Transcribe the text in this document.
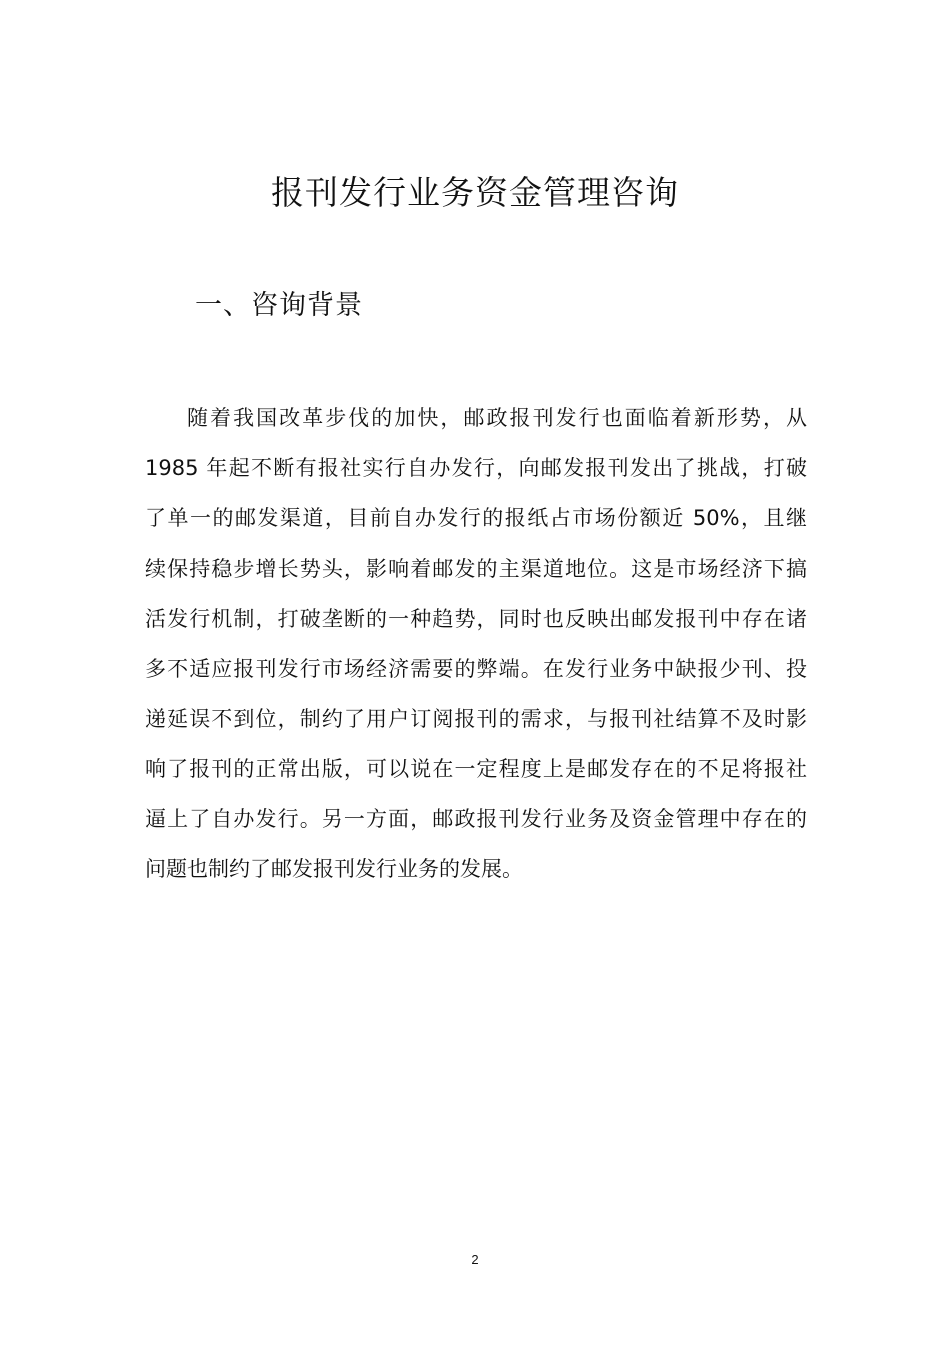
报刊发行业务资金管理咨询
一、咨询背景
随着我国改革步伐的加快，邮政报刊发行也面临着新形势，从
1985 年起不断有报社实行自办发行，向邮发报刊发出了挑战，打破
了单一的邮发渠道，目前自办发行的报纸占市场份额近 50%，且继
续保持稳步增长势头，影响着邮发的主渠道地位。这是市场经济下搞
活发行机制，打破垄断的一种趋势，同时也反映出邮发报刊中存在诸
多不适应报刊发行市场经济需要的弊端。在发行业务中缺报少刊、投
递延误不到位，制约了用户订阅报刊的需求，与报刊社结算不及时影
响了报刊的正常出版，可以说在一定程度上是邮发存在的不足将报社
逼上了自办发行。另一方面，邮政报刊发行业务及资金管理中存在的
问题也制约了邮发报刊发行业务的发展。
2
